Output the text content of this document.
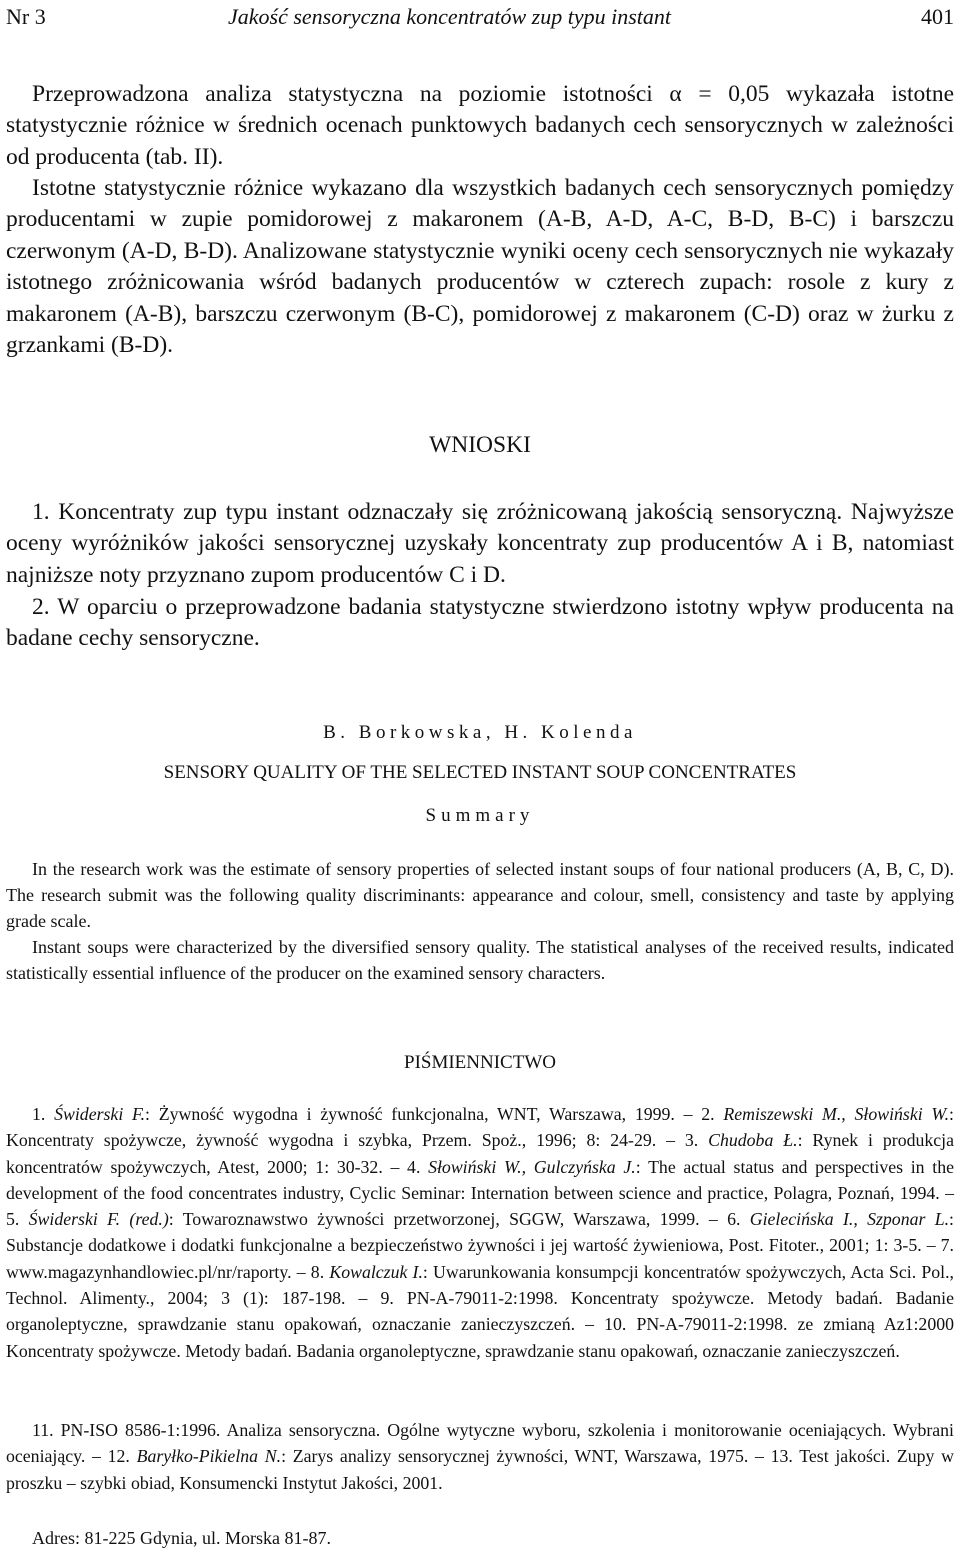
Nr 3	Jakość sensoryczna koncentratów zup typu instant	401

Przeprowadzona analiza statystyczna na poziomie istotności α = 0,05 wykazała istotne statystycznie różnice w średnich ocenach punktowych badanych cech sensorycznych w zależności od producenta (tab. II).

Istotne statystycznie różnice wykazano dla wszystkich badanych cech sensorycznych pomiędzy producentami w zupie pomidorowej z makaronem (A-B, A-D, A-C, B-D, B-C) i barszczu czerwonym (A-D, B-D). Analizowane statystycznie wyniki oceny cech sensorycznych nie wykazały istotnego zróżnicowania wśród badanych producentów w czterech zupach: rosole z kury z makaronem (A-B), barszczu czerwonym (B-C), pomidorowej z makaronem (C-D) oraz w żurku z grzankami (B-D).

WNIOSKI

1. Koncentraty zup typu instant odznaczały się zróżnicowaną jakością sensoryczną. Najwyższe oceny wyróżników jakości sensorycznej uzyskały koncentraty zup producentów A i B, natomiast najniższe noty przyznano zupom producentów C i D.

2. W oparciu o przeprowadzone badania statystyczne stwierdzono istotny wpływ producenta na badane cechy sensoryczne.

B. Borkowska, H. Kolenda

SENSORY QUALITY OF THE SELECTED INSTANT SOUP CONCENTRATES

Summary

In the research work was the estimate of sensory properties of selected instant soups of four national producers (A, B, C, D). The research submit was the following quality discriminants: appearance and colour, smell, consistency and taste by applying grade scale.

Instant soups were characterized by the diversified sensory quality. The statistical analyses of the received results, indicated statistically essential influence of the producer on the examined sensory characters.

PIŚMIENNICTWO

1. Świderski F.: Żywność wygodna i żywność funkcjonalna, WNT, Warszawa, 1999. – 2. Remiszewski M., Słowiński W.: Koncentraty spożywcze, żywność wygodna i szybka, Przem. Spoż., 1996; 8: 24-29. – 3. Chudoba Ł.: Rynek i produkcja koncentratów spożywczych, Atest, 2000; 1: 30-32. – 4. Słowiński W., Gulczyńska J.: The actual status and perspectives in the development of the food concentrates industry, Cyclic Seminar: Internation between science and practice, Polagra, Poznań, 1994. – 5. Świderski F. (red.): Towaroznawstwo żywności przetworzonej, SGGW, Warszawa, 1999. – 6. Gielecińska I., Szponar L.: Substancje dodatkowe i dodatki funkcjonalne a bezpieczeństwo żywności i jej wartość żywieniowa, Post. Fitoter., 2001; 1: 3-5. – 7. www.magazynhandlowiec.pl/nr/raporty. – 8. Kowalczuk I.: Uwarunkowania konsumpcji koncentratów spożywczych, Acta Sci. Pol., Technol. Alimenty., 2004; 3 (1): 187-198. – 9. PN-A-79011-2:1998. Koncentraty spożywcze. Metody badań. Badanie organoleptyczne, sprawdzanie stanu opakowań, oznaczanie zanieczyszczeń. – 10. PN-A-79011-2:1998. ze zmianą Az1:2000 Koncentraty spożywcze. Metody badań. Badania organoleptyczne, sprawdzanie stanu opakowań, oznaczanie zanieczyszczeń.

11. PN-ISO 8586-1:1996. Analiza sensoryczna. Ogólne wytyczne wyboru, szkolenia i monitorowanie oceniających. Wybrani oceniający. – 12. Baryłko-Pikielna N.: Zarys analizy sensorycznej żywności, WNT, Warszawa, 1975. – 13. Test jakości. Zupy w proszku – szybki obiad, Konsumencki Instytut Jakości, 2001.

Adres: 81-225 Gdynia, ul. Morska 81-87.
